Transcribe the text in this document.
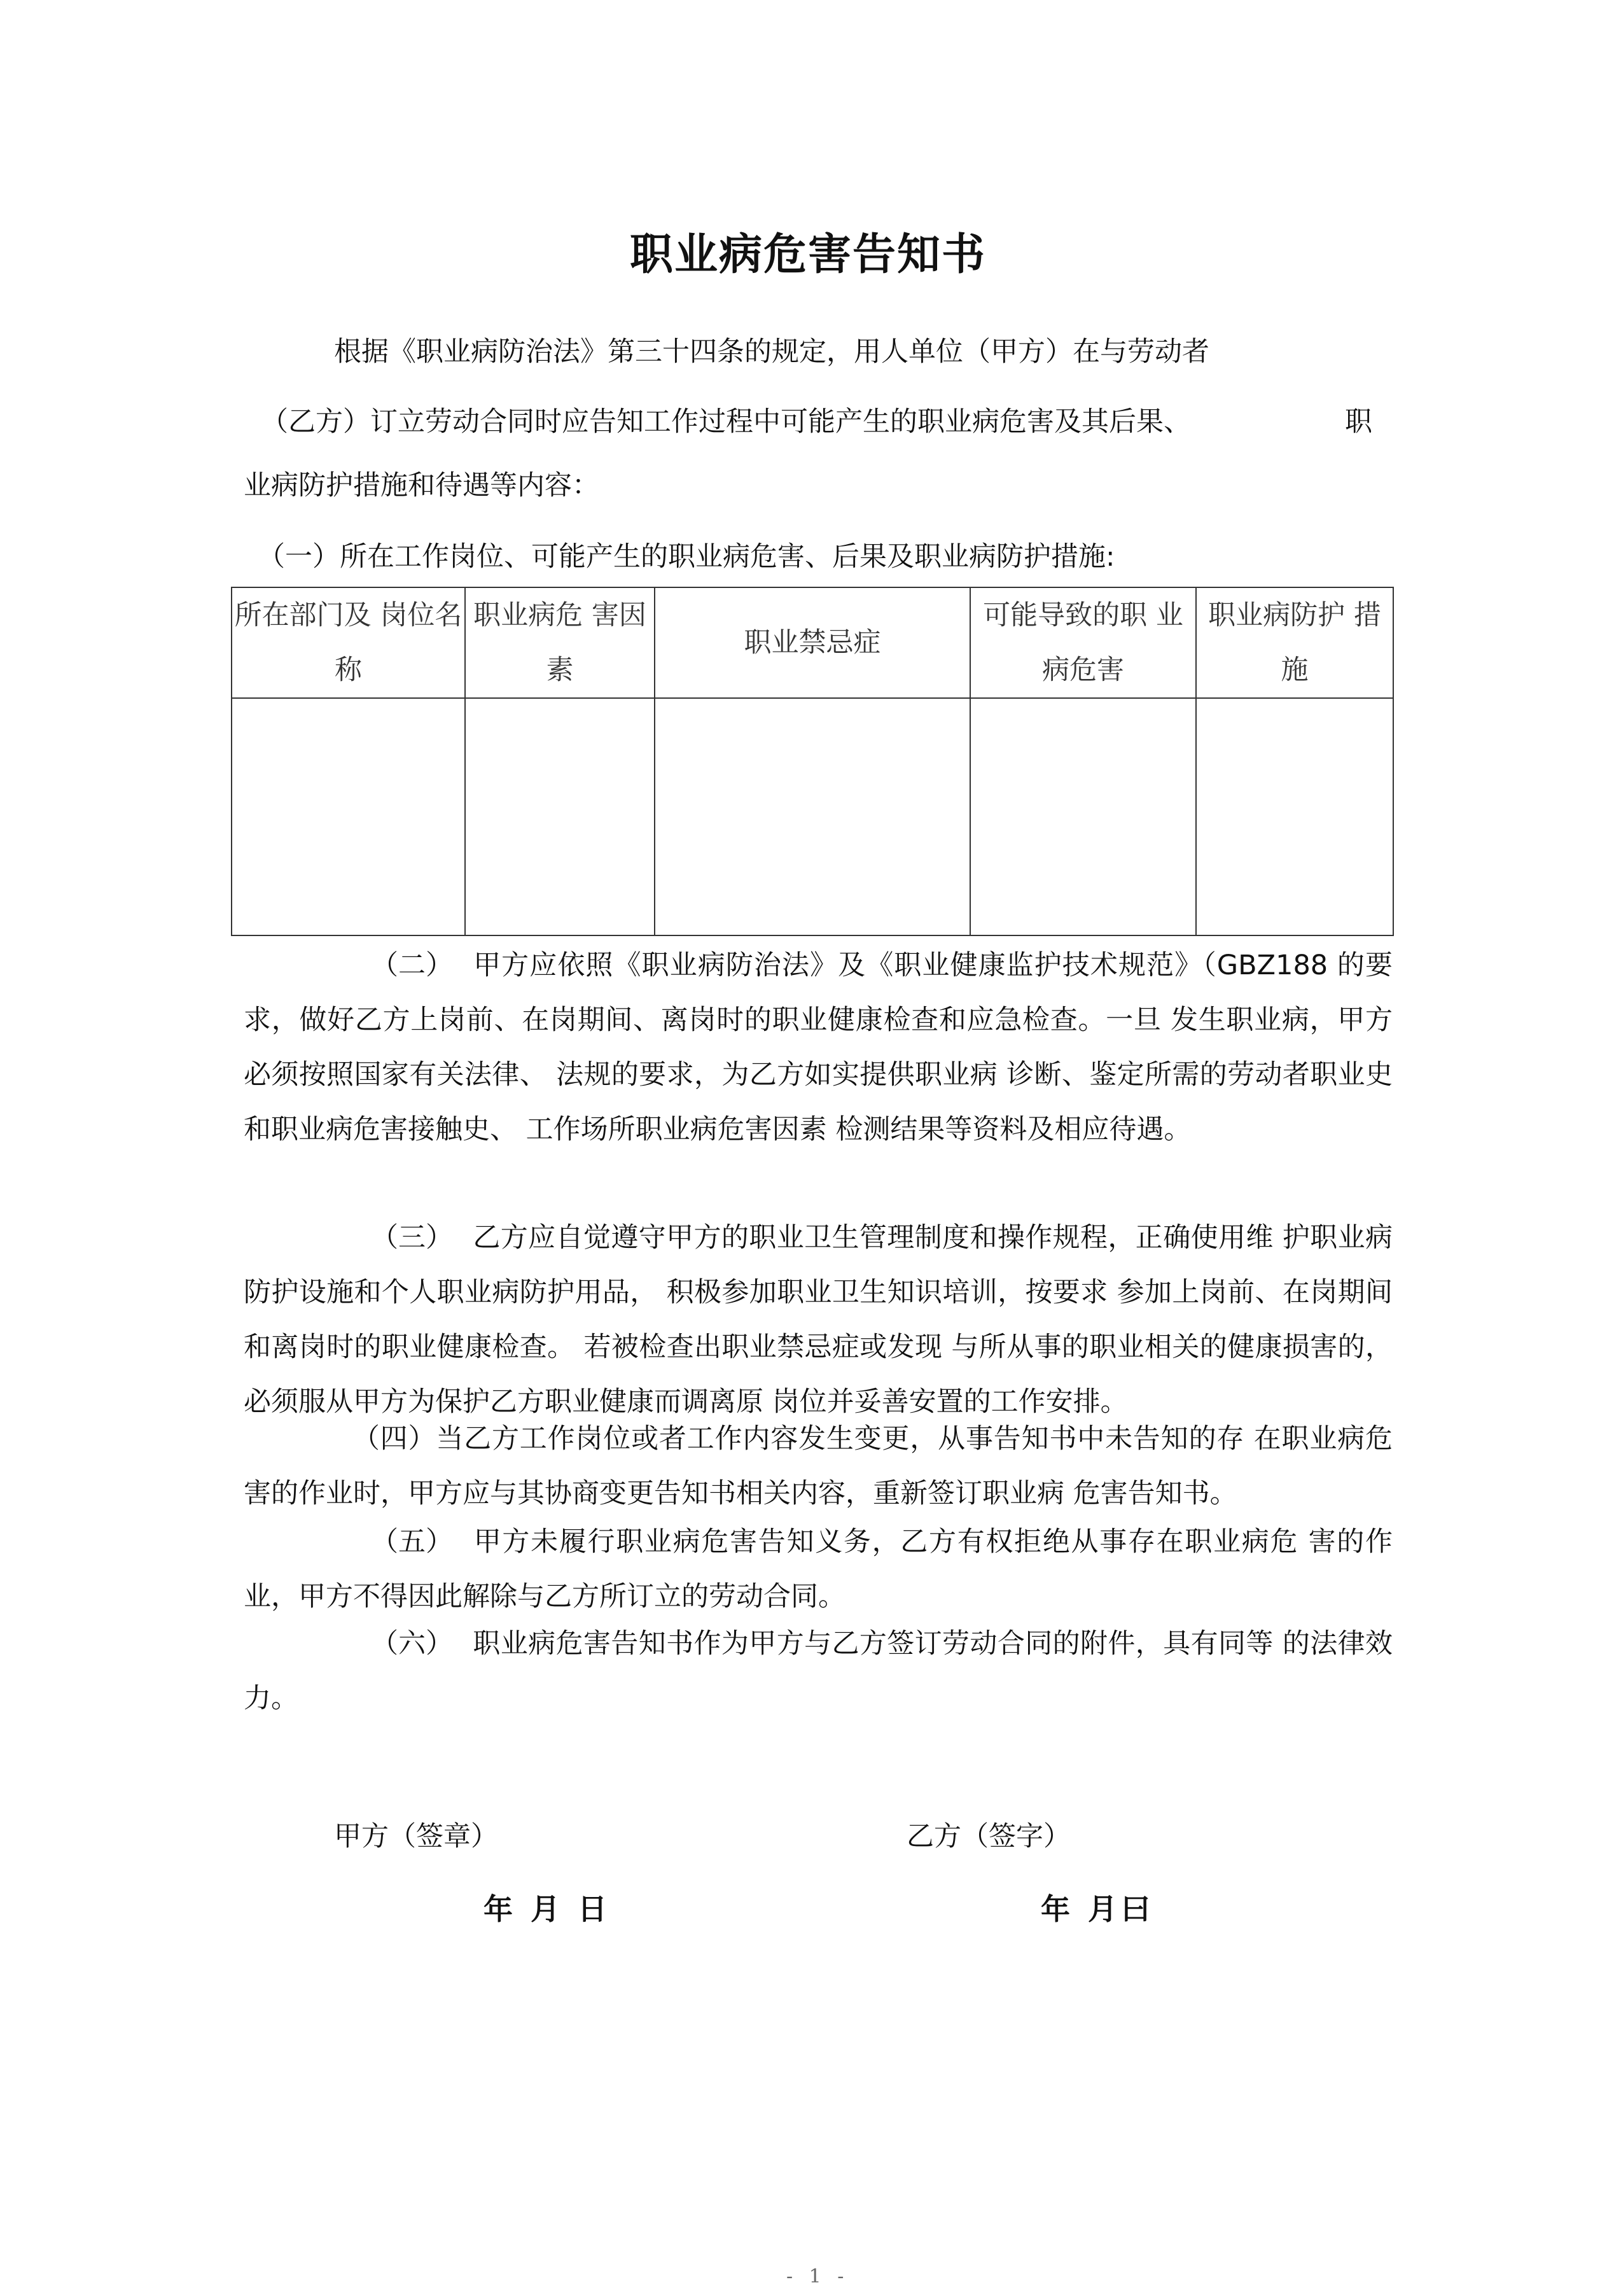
职业病危害告知书
根据《职业病防治法》第三十四条的规定，用人单位（甲方）在与劳动者
（乙方）订立劳动合同时应告知工作过程中可能产生的职业病危害及其后果、	职
业病防护措施和待遇等内容：
（一）所在工作岗位、可能产生的职业病危害、后果及职业病防护措施:
所在部门及 岗位名称	职业病危 害因 素	职业禁忌症	可能导致的职 业 病危害	职业病防护 措施

（二） 甲方应依照《职业病防治法》及《职业健康监护技术规范》（GBZ188 的要求，做好乙方上岗前、在岗期间、离岗时的职业健康检查和应急检查。一旦 发生职业病，甲方必须按照国家有关法律、 法规的要求，为乙方如实提供职业病 诊断、鉴定所需的劳动者职业史和职业病危害接触史、 工作场所职业病危害因素 检测结果等资料及相应待遇。
（三） 乙方应自觉遵守甲方的职业卫生管理制度和操作规程，正确使用维 护职业病防护设施和个人职业病防护用品， 积极参加职业卫生知识培训，按要求 参加上岗前、在岗期间和离岗时的职业健康检查。 若被检查出职业禁忌症或发现 与所从事的职业相关的健康损害的，必须服从甲方为保护乙方职业健康而调离原 岗位并妥善安置的工作安排。
（四）当乙方工作岗位或者工作内容发生变更，从事告知书中未告知的存 在职业病危害的作业时，甲方应与其协商变更告知书相关内容，重新签订职业病 危害告知书。
（五） 甲方未履行职业病危害告知义务，乙方有权拒绝从事存在职业病危 害的作业，甲方不得因此解除与乙方所订立的劳动合同。
（六） 职业病危害告知书作为甲方与乙方签订劳动合同的附件，具有同等 的法律效力。
甲方（签章）	乙方（签字）
年 月 日	年 月曰
- 1 -
